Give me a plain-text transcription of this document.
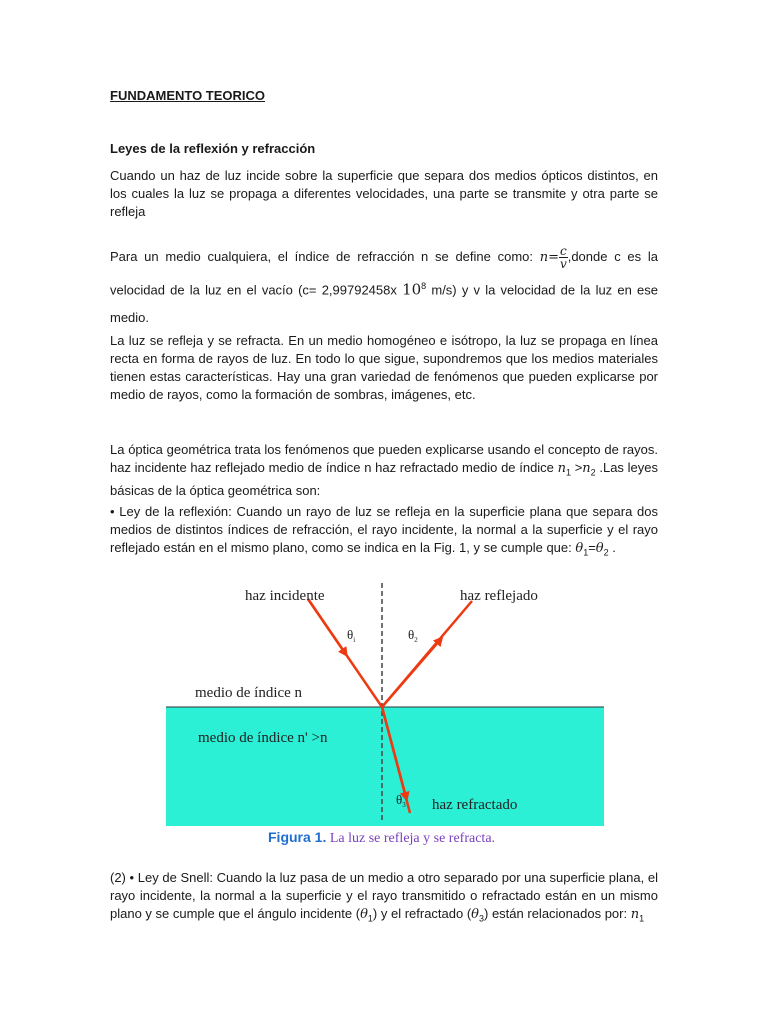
FUNDAMENTO TEORICO
Leyes de la reflexión y refracción
Cuando un haz de luz incide sobre la superficie que separa dos medios ópticos distintos, en los cuales la luz se propaga a diferentes velocidades, una parte se transmite y otra parte se refleja
Para un medio cualquiera, el índice de refracción n se define como: $n= \frac{c}{v}$ ,donde c es la velocidad de la luz en el vacío (c= 2,99792458x $10^8$ m/s) y v la velocidad de la luz en ese medio.
La luz se refleja y se refracta. En un medio homogéneo e isótropo, la luz se propaga en línea recta en forma de rayos de luz. En todo lo que sigue, supondremos que los medios materiales tienen estas características. Hay una gran variedad de fenómenos que pueden explicarse por medio de rayos, como la formación de sombras, imágenes, etc.
La óptica geométrica trata los fenómenos que pueden explicarse usando el concepto de rayos. haz incidente haz reflejado medio de índice n haz refractado medio de índice $n_1 >n_2$ .Las leyes básicas de la óptica geométrica son:
• Ley de la reflexión: Cuando un rayo de luz se refleja en la superficie plana que separa dos medios de distintos índices de refracción, el rayo incidente, la normal a la superficie y el rayo reflejado están en el mismo plano, como se indica en la Fig. 1, y se cumple que: $\theta_1=\theta_2$ .
haz incidente	haz reflejado
haz refractado
$\theta_i$	$\theta_2$
$\theta_3$
medio de índice n
medio de índice n' >n
Figura 1. La luz se refleja y se refracta.
(2) • Ley de Snell: Cuando la luz pasa de un medio a otro separado por una superficie plana, el rayo incidente, la normal a la superficie y el rayo transmitido o refractado están en un mismo plano y se cumple que el ángulo incidente $(\theta_1)$ y el refractado $(\theta_3)$ están relacionados por: $n_1$
